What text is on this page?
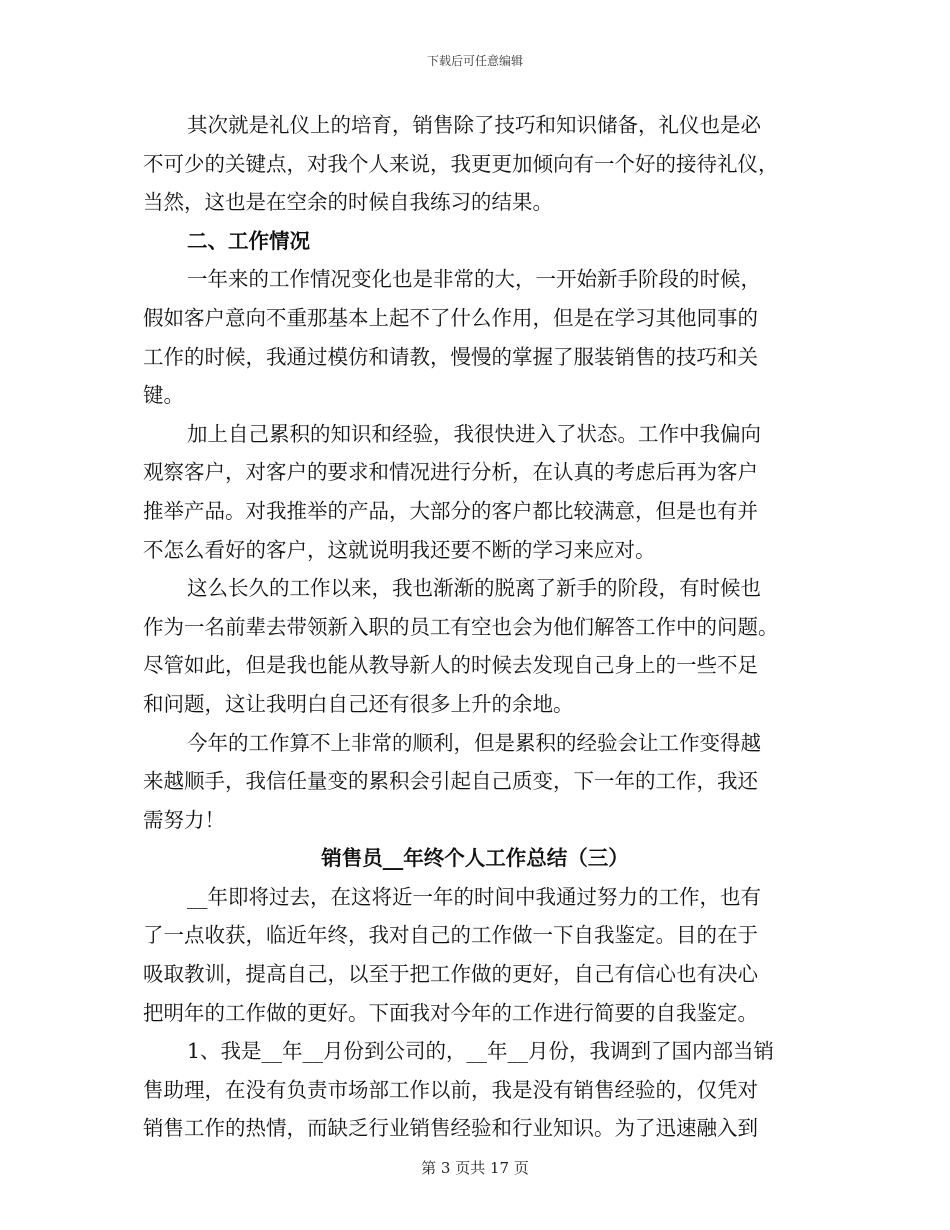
下载后可任意编辑
其次就是礼仪上的培育，销售除了技巧和知识储备，礼仪也是必
不可少的关键点，对我个人来说，我更更加倾向有一个好的接待礼仪，
当然，这也是在空余的时候自我练习的结果。
二、工作情况
一年来的工作情况变化也是非常的大，一开始新手阶段的时候，
假如客户意向不重那基本上起不了什么作用，但是在学习其他同事的
工作的时候，我通过模仿和请教，慢慢的掌握了服装销售的技巧和关
键。
加上自己累积的知识和经验，我很快进入了状态。工作中我偏向
观察客户，对客户的要求和情况进行分析，在认真的考虑后再为客户
推举产品。对我推举的产品，大部分的客户都比较满意，但是也有并
不怎么看好的客户，这就说明我还要不断的学习来应对。
这么长久的工作以来，我也渐渐的脱离了新手的阶段，有时候也
作为一名前辈去带领新入职的员工有空也会为他们解答工作中的问题。
尽管如此，但是我也能从教导新人的时候去发现自己身上的一些不足
和问题，这让我明白自己还有很多上升的余地。
今年的工作算不上非常的顺利，但是累积的经验会让工作变得越
来越顺手，我信任量变的累积会引起自己质变，下一年的工作，我还
需努力！
销售员__年终个人工作总结（三）
__年即将过去，在这将近一年的时间中我通过努力的工作，也有
了一点收获，临近年终，我对自己的工作做一下自我鉴定。目的在于
吸取教训，提高自己，以至于把工作做的更好，自己有信心也有决心
把明年的工作做的更好。下面我对今年的工作进行简要的自我鉴定。
1、我是__年__月份到公司的，__年__月份，我调到了国内部当销
售助理，在没有负责市场部工作以前，我是没有销售经验的，仅凭对
销售工作的热情，而缺乏行业销售经验和行业知识。为了迅速融入到
第 3 页共 17 页
